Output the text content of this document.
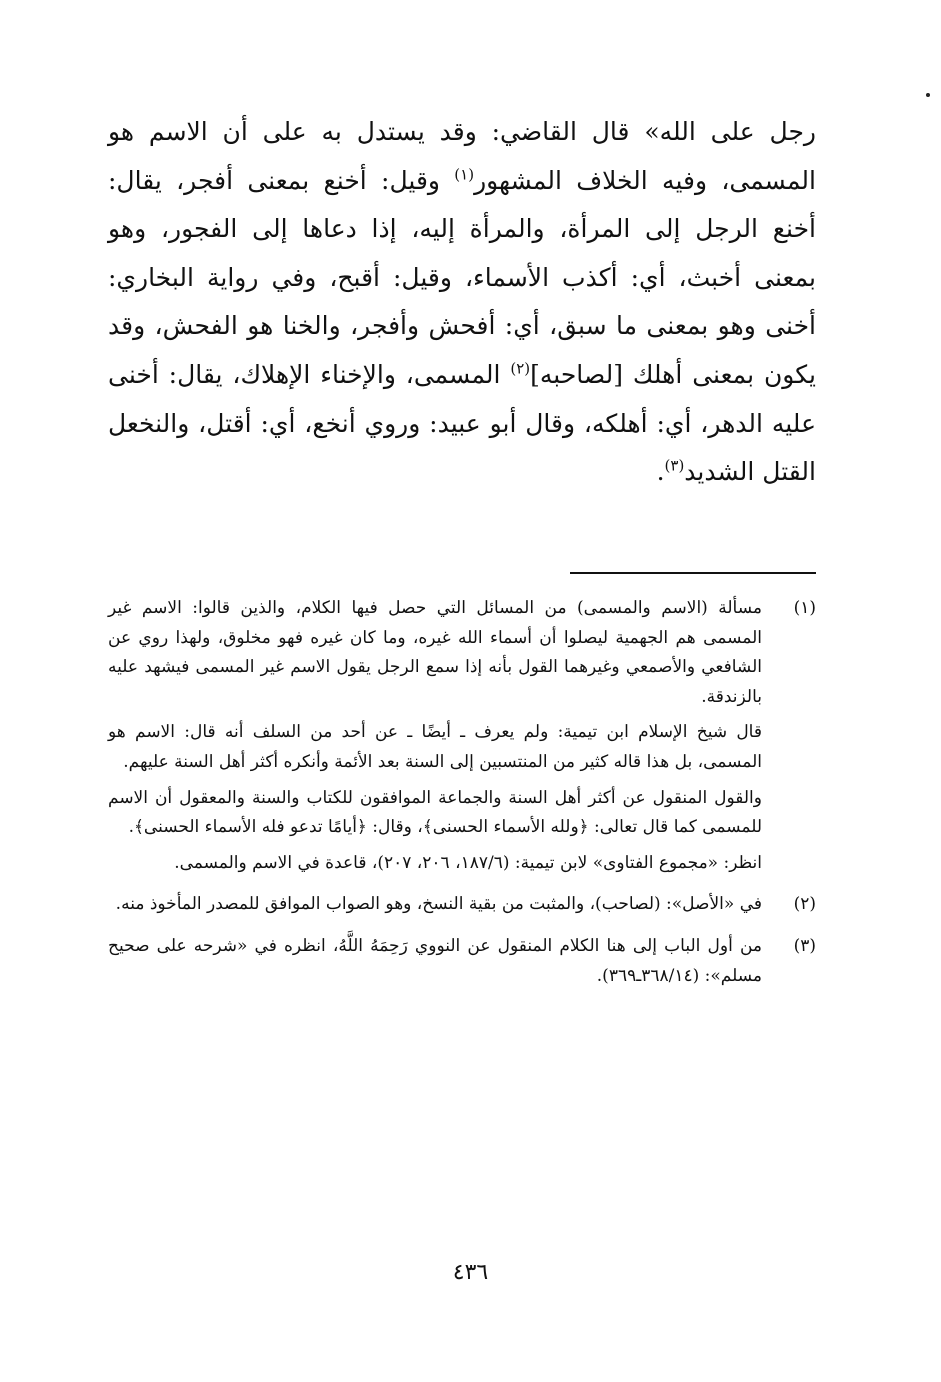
رجل على الله» قال القاضي: وقد يستدل به على أن الاسم هو المسمى، وفيه الخلاف المشهور$^{(١)}$ وقيل: أخنع بمعنى أفجر، يقال: أخنع الرجل إلى المرأة، والمرأة إليه، إذا دعاها إلى الفجور، وهو بمعنى أخبث، أي: أكذب الأسماء، وقيل: أقبح، وفي رواية البخاري: أخنى وهو بمعنى ما سبق، أي: أفحش وأفجر، والخنا هو الفحش، وقد يكون بمعنى أهلك [لصاحبه]$^{(٢)}$ المسمى، والإخناء الإهلاك، يقال: أخنى عليه الدهر، أي: أهلكه، وقال أبو عبيد: وروي أنخع، أي: أقتل، والنخعل القتل الشديد$^{(٣)}$.
(١)

مسألة (الاسم والمسمى) من المسائل التي حصل فيها الكلام، والذين قالوا: الاسم غير المسمى هم الجهمية ليصلوا أن أسماء الله غيره، وما كان غيره فهو مخلوق، ولهذا روي عن الشافعي والأصمعي وغيرهما القول بأنه إذا سمع الرجل يقول الاسم غير المسمى فيشهد عليه بالزندقة.

قال شيخ الإسلام ابن تيمية: ولم يعرف ـ أيضًا ـ عن أحد من السلف أنه قال: الاسم هو المسمى، بل هذا قاله كثير من المنتسبين إلى السنة بعد الأئمة وأنكره أكثر أهل السنة عليهم.

والقول المنقول عن أكثر أهل السنة والجماعة الموافقون للكتاب والسنة والمعقول أن الاسم للمسمى كما قال تعالى: ﴿ولله الأسماء الحسنى﴾، وقال: ﴿أيامًا تدعو فله الأسماء الحسنى﴾.

انظر: «مجموع الفتاوى» لابن تيمية: (١٨٧/٦، ٢٠٦، ٢٠٧)، قاعدة في الاسم والمسمى.

(٢)

في «الأصل»: (لصاحب)، والمثبت من بقية النسخ، وهو الصواب الموافق للمصدر المأخوذ منه.

(٣)

من أول الباب إلى هنا الكلام المنقول عن النووي رَحِمَهُ اللَّهُ، انظره في «شرحه على صحيح مسلم»: (٣٦٨/١٤ـ٣٦٩).

٤٣٦
